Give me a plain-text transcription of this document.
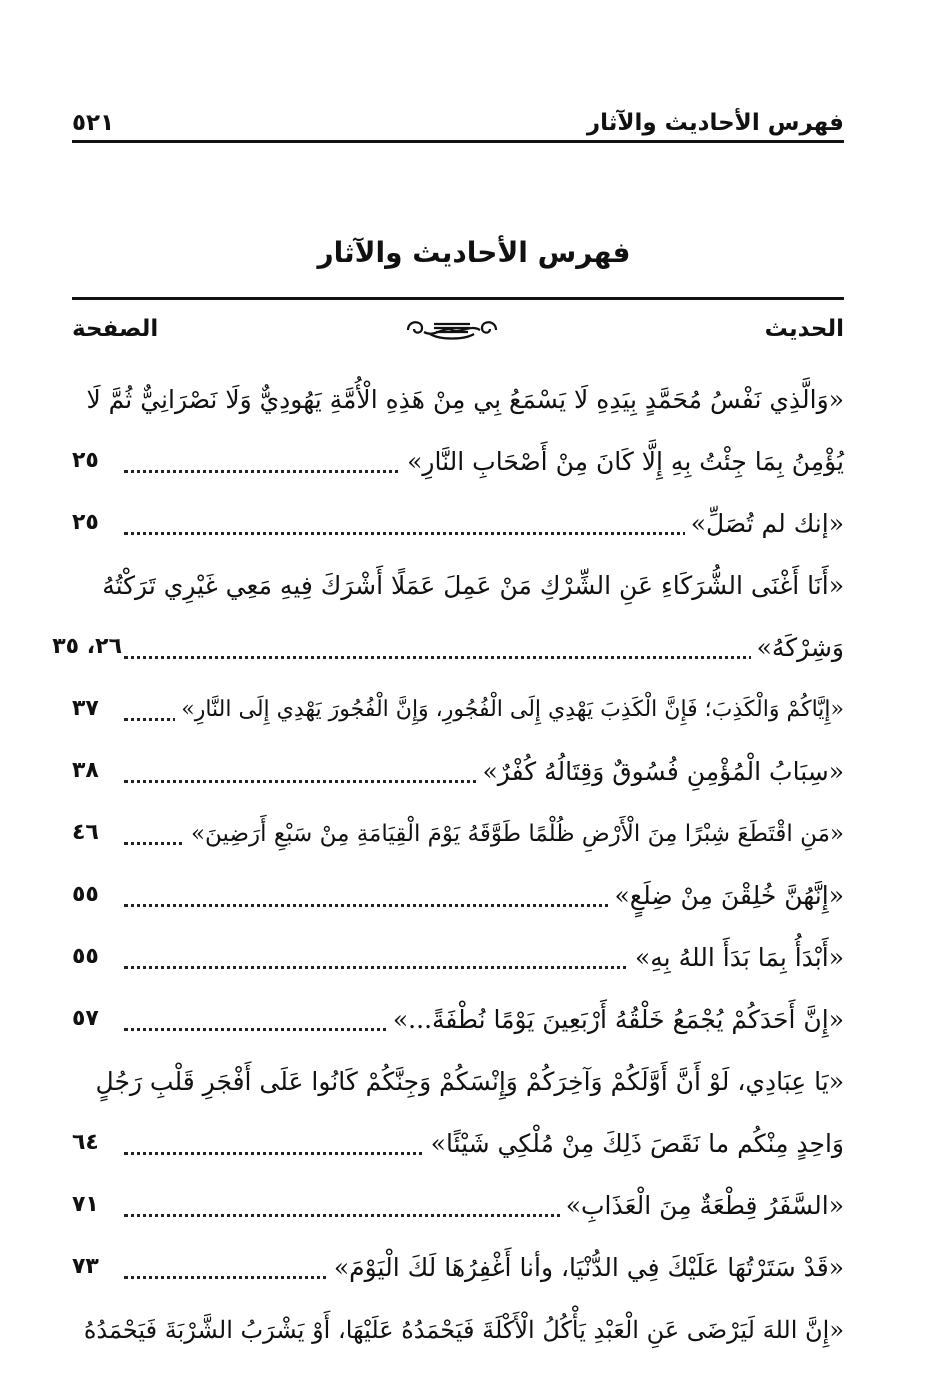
٥٢١	فهرس الأحاديث والآثار
فهرس الأحاديث والآثار
الصفحة	الحديث
«وَالَّذِي نَفْسُ مُحَمَّدٍ بِيَدِهِ لَا يَسْمَعُ بِي مِنْ هَذِهِ الْأُمَّةِ يَهُودِيٌّ وَلَا نَصْرَانِيٌّ ثُمَّ لَا
يُؤْمِنُ بِمَا جِئْتُ بِهِ إِلَّا كَانَ مِنْ أَصْحَابِ النَّارِ»
٢٥
«إنك لم تُصَلِّ»
٢٥
«أَنَا أَغْنَى الشُّرَكَاءِ عَنِ الشِّرْكِ مَنْ عَمِلَ عَمَلًا أَشْرَكَ فِيهِ مَعِي غَيْرِي تَرَكْتُهُ
وَشِرْكَهُ»
٢٦، ٣٥
«إِيَّاكُمْ وَالْكَذِبَ؛ فَإِنَّ الْكَذِبَ يَهْدِي إِلَى الْفُجُورِ، وَإِنَّ الْفُجُورَ يَهْدِي إِلَى النَّارِ»
٣٧
«سِبَابُ الْمُؤْمِنِ فُسُوقٌ وَقِتَالُهُ كُفْرٌ»
٣٨
«مَنِ اقْتَطَعَ شِبْرًا مِنَ الْأَرْضِ ظُلْمًا طَوَّقَهُ يَوْمَ الْقِيَامَةِ مِنْ سَبْعِ أَرَضِينَ»
٤٦
«إِنَّهُنَّ خُلِقْنَ مِنْ ضِلَعٍ»
٥٥
«أَبْدَأُ بِمَا بَدَأَ اللهُ بِهِ»
٥٥
«إِنَّ أَحَدَكُمْ يُجْمَعُ خَلْقُهُ أَرْبَعِينَ يَوْمًا نُطْفَةً...»
٥٧
«يَا عِبَادِي، لَوْ أَنَّ أَوَّلَكُمْ وَآخِرَكُمْ وَإِنْسَكُمْ وَجِنَّكُمْ كَانُوا عَلَى أَفْجَرِ قَلْبِ رَجُلٍ
وَاحِدٍ مِنْكُم ما نَقَصَ ذَلِكَ مِنْ مُلْكِي شَيْئًا»
٦٤
«السَّفَرُ قِطْعَةٌ مِنَ الْعَذَابِ»
٧١
«قَدْ سَتَرْتُهَا عَلَيْكَ فِي الدُّنْيَا، وأنا أَغْفِرُهَا لَكَ الْيَوْمَ»
٧٣
«إِنَّ اللهَ لَيَرْضَى عَنِ الْعَبْدِ يَأْكُلُ الْأَكْلَةَ فَيَحْمَدُهُ عَلَيْهَا، أَوْ يَشْرَبُ الشَّرْبَةَ فَيَحْمَدُهُ
